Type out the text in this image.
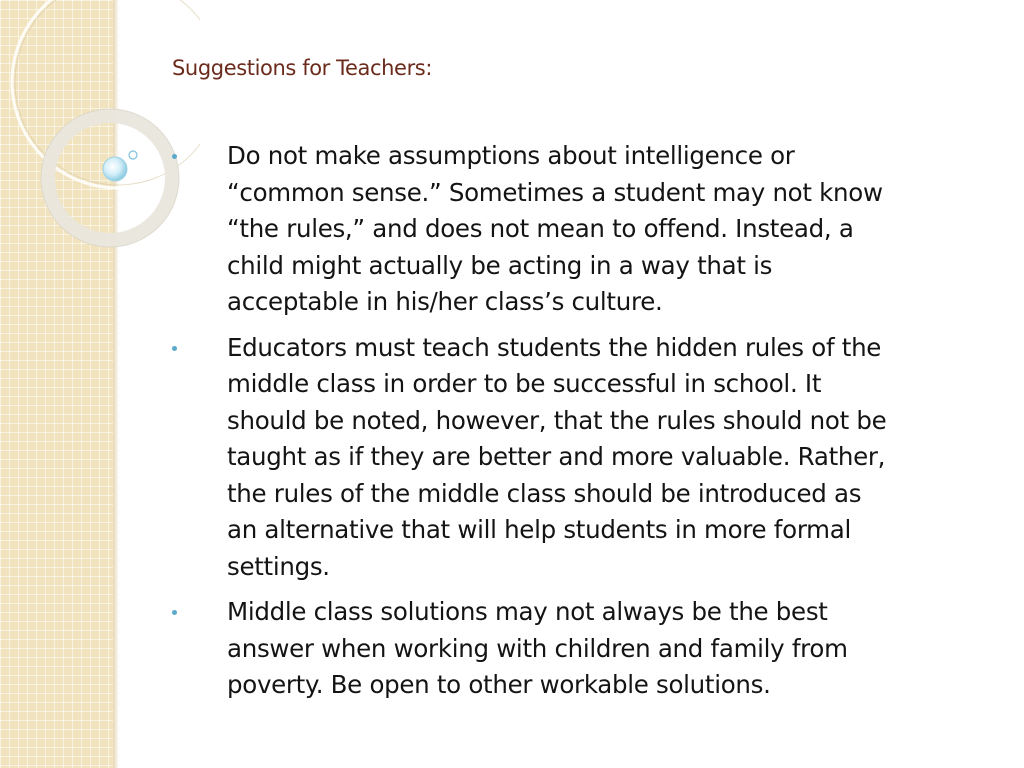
Suggestions for Teachers:
Do not make assumptions about intelligence or
“common sense.” Sometimes a student may not know
“the rules,” and does not mean to offend. Instead, a
child might actually be acting in a way that is
acceptable in his/her class’s culture.
Educators must teach students the hidden rules of the
middle class in order to be successful in school. It
should be noted, however, that the rules should not be
taught as if they are better and more valuable. Rather,
the rules of the middle class should be introduced as
an alternative that will help students in more formal
settings.
Middle class solutions may not always be the best
answer when working with children and family from
poverty. Be open to other workable solutions.
